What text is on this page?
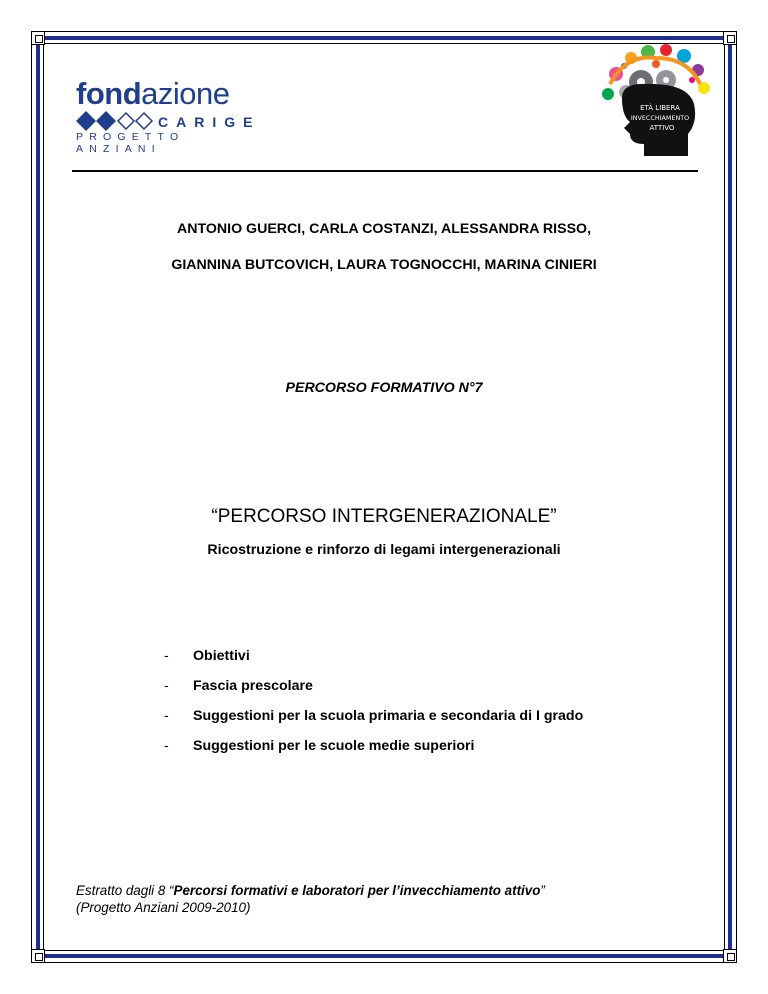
fondazione
CARIGE
PROGETTO ANZIANI
ETÀ LIBERA
INVECCHIAMENTO
ATTIVO
ANTONIO GUERCI, CARLA COSTANZI, ALESSANDRA RISSO,
GIANNINA BUTCOVICH, LAURA TOGNOCCHI, MARINA CINIERI
PERCORSO FORMATIVO N°7
“PERCORSO INTERGENERAZIONALE”
Ricostruzione e rinforzo di legami intergenerazionali
- Obiettivi
- Fascia prescolare
- Suggestioni per la scuola primaria e secondaria di I grado
- Suggestioni per le scuole medie superiori
Estratto dagli 8 “Percorsi formativi e laboratori per l’invecchiamento attivo”
(Progetto Anziani 2009-2010)
